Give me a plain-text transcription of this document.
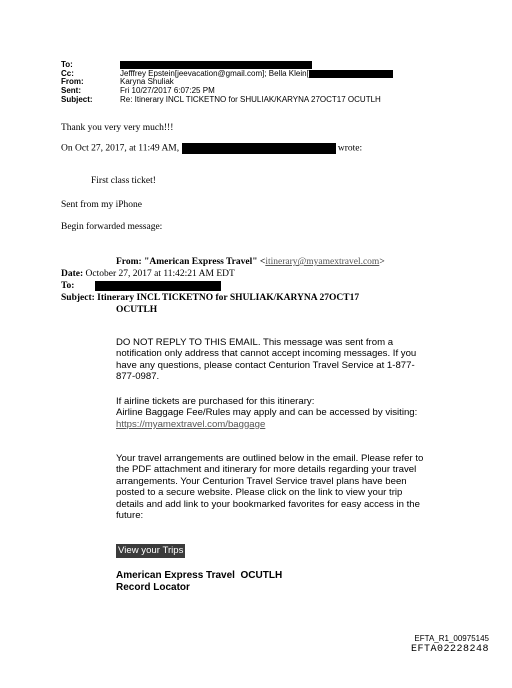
To:
Cc:	Jefffrey Epstein[jeevacation@gmail.com]; Bella Klein[
From:	Karyna Shuliak
Sent:	Fri 10/27/2017 6:07:25 PM
Subject:	Re: Itinerary INCL TICKETNO for SHULIAK/KARYNA 27OCT17 OCUTLH
Thank you very very much!!!
On Oct 27, 2017, at 11:49 AM,	wrote:
First class ticket!
Sent from my iPhone
Begin forwarded message:
From: "American Express Travel" <itinerary@myamextravel.com>
Date: October 27, 2017 at 11:42:21 AM EDT
To:
Subject: Itinerary INCL TICKETNO for SHULIAK/KARYNA 27OCT17
OCUTLH

DO NOT REPLY TO THIS EMAIL. This message was sent from a notification only address that cannot accept incoming messages. If you have any questions, please contact Centurion Travel Service at 1-877-877-0987.

If airline tickets are purchased for this itinerary:

Airline Baggage Fee/Rules may apply and can be accessed by visiting:

https://myamextravel.com/baggage

Your travel arrangements are outlined below in the email. Please refer to the PDF attachment and itinerary for more details regarding your travel arrangements. Your Centurion Travel Service travel plans have been posted to a secure website. Please click on the link to view your trip details and add link to your bookmarked favorites for easy access in the future:

View your Trips
American Express Travel OCUTLH
Record Locator
EFTA_R1_00975145
EFTA02228248
